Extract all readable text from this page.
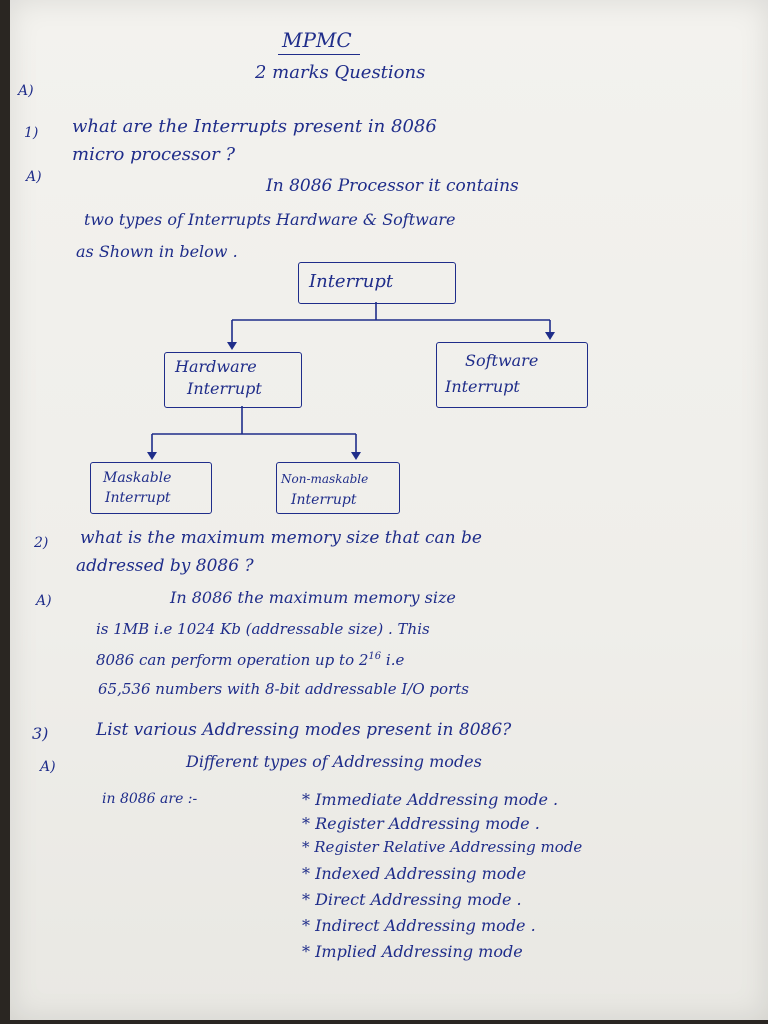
MPMC
2 marks Questions
A)
1)
A)
what are the Interrupts present in 8086
micro processor ?
In 8086 Processor it contains
two types of Interrupts Hardware & Software
as Shown in below .
Interrupt
Hardware
Interrupt
Software
Interrupt
Maskable
Interrupt
Non-maskable
Interrupt
2) what is the maximum memory size that can be
addressed by 8086 ?
A)	In 8086 the maximum memory size
is 1MB i.e 1024 Kb (addressable size) . This
8086 can perform operation up to $2^{16}$ i.e
65,536 numbers with 8-bit addressable I/O ports
3)	List various Addressing modes present in 8086?
A)	Different types of Addressing modes
in 8086 are :-	* Immediate Addressing mode .
* Register Addressing mode .
* Register Relative Addressing mode
* Indexed Addressing mode
* Direct Addressing mode .
* Indirect Addressing mode .
* Implied Addressing mode
